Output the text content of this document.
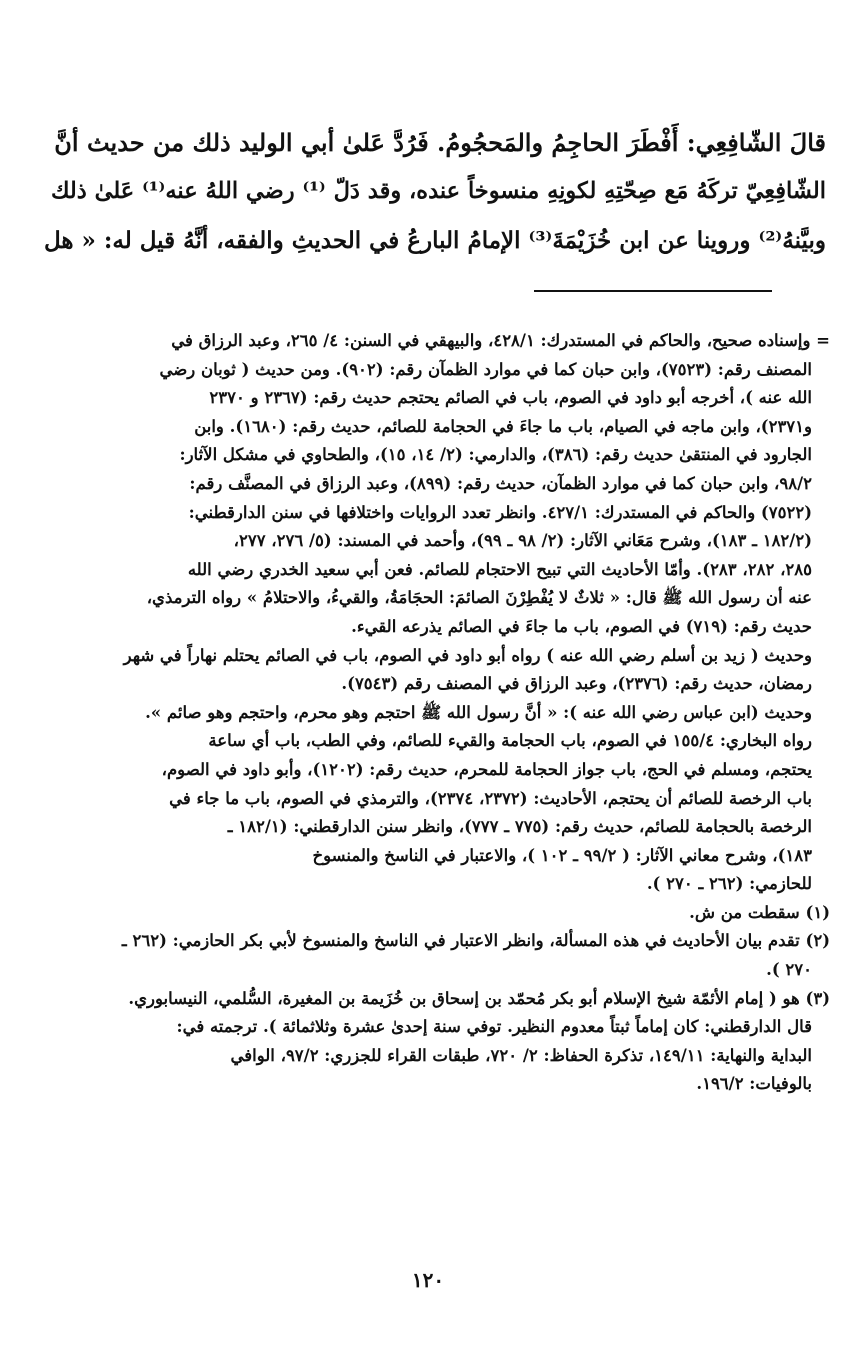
قالَ الشّافِعِي: أَفْطَرَ الحاجِمُ والمَحجُومُ. فَرُدَّ عَلىٰ أبي الوليد ذلك من حديث أنَّ
الشّافِعِيّ تركَهُ مَع صِحّتِهِ لكونِهِ منسوخاً عنده، وقد دَلّ ⁽¹⁾ رضي اللهُ عنه⁽¹⁾ عَلىٰ ذلك
وبيَّنهُ⁽²⁾ وروينا عن ابن خُزَيْمَةَ⁽³⁾ الإمامُ البارعُ في الحديثِ والفقه، أنَّهُ قيل له: « هل
= وإسناده صحيح، والحاكم في المستدرك: ٤٢٨/١، والبيهقي في السنن: ٤/ ٢٦٥، وعبد الرزاق في
المصنف رقم: (٧٥٢٣)، وابن حبان كما في موارد الظمآن رقم: (٩٠٢). ومن حديث ( ثوبان رضي
الله عنه )، أخرجه أبو داود في الصوم، باب في الصائم يحتجم حديث رقم: (٢٣٦٧ و ٢٣٧٠
و٢٣٧١)، وابن ماجه في الصيام، باب ما جاءَ في الحجامة للصائم، حديث رقم: (١٦٨٠). وابن
الجارود في المنتقىٰ حديث رقم: (٣٨٦)، والدارمي: (٢/ ١٤، ١٥)، والطحاوي في مشكل الآثار:
٩٨/٢، وابن حبان كما في موارد الظمآن، حديث رقم: (٨٩٩)، وعبد الرزاق في المصنَّف رقم:
(٧٥٢٢) والحاكم في المستدرك: ٤٢٧/١. وانظر تعدد الروايات واختلافها في سنن الدارقطني:
(١٨٢/٢ ـ ١٨٣)، وشرح مَعَاني الآثار: (٢/ ٩٨ ـ ٩٩)، وأحمد في المسند: (٥/ ٢٧٦، ٢٧٧،
٢٨٥، ٢٨٢، ٢٨٣). وأمّا الأحاديث التي تبيح الاحتجام للصائم. فعن أبي سعيد الخدري رضي الله
عنه أن رسول الله ﷺ قال: « ثلاثٌ لا يُفْطِرْنَ الصائمَ: الحجَامَةُ، والقيءُ، والاحتلامُ » رواه الترمذي،
حديث رقم: (٧١٩) في الصوم، باب ما جاءَ في الصائم يذرعه القيء.
وحديث ( زيد بن أسلم رضي الله عنه ) رواه أبو داود في الصوم، باب في الصائم يحتلم نهاراً في شهر
رمضان، حديث رقم: (٢٣٧٦)، وعبد الرزاق في المصنف رقم (٧٥٤٣).
وحديث (ابن عباس رضي الله عنه ): « أنَّ رسول الله ﷺ احتجم وهو محرم، واحتجم وهو صائم ».
رواه البخاري: ١٥٥/٤ في الصوم، باب الحجامة والقيء للصائم، وفي الطب، باب أي ساعة
يحتجم، ومسلم في الحج، باب جواز الحجامة للمحرم، حديث رقم: (١٢٠٢)، وأبو داود في الصوم،
باب الرخصة للصائم أن يحتجم، الأحاديث: (٢٣٧٢، ٢٣٧٤)، والترمذي في الصوم، باب ما جاء في
الرخصة بالحجامة للصائم، حديث رقم: (٧٧٥ ـ ٧٧٧)، وانظر سنن الدارقطني: (١٨٢/١ ـ
١٨٣)، وشرح معاني الآثار: ( ٩٩/٢ ـ ١٠٢ )، والاعتبار في الناسخ والمنسوخ
للحازمي: (٢٦٢ ـ ٢٧٠ ).
(١) سقطت من ش.
(٢) تقدم بيان الأحاديث في هذه المسألة، وانظر الاعتبار في الناسخ والمنسوخ لأبي بكر الحازمي: (٢٦٢ ـ
٢٧٠ ).
(٣) هو ( إمام الأئمّة شيخ الإسلام أبو بكر مُحمّد بن إسحاق بن خُزَيمة بن المغيرة، السُّلمي، النيسابوري.
قال الدارقطني: كان إماماً ثبتاً معدوم النظير. توفي سنة إحدىٰ عشرة وثلاثمائة ). ترجمته في:
البداية والنهاية: ١٤٩/١١، تذكرة الحفاظ: ٢/ ٧٢٠، طبقات القراء للجزري: ٩٧/٢، الوافي
بالوفيات: ١٩٦/٢.
١٢٠
